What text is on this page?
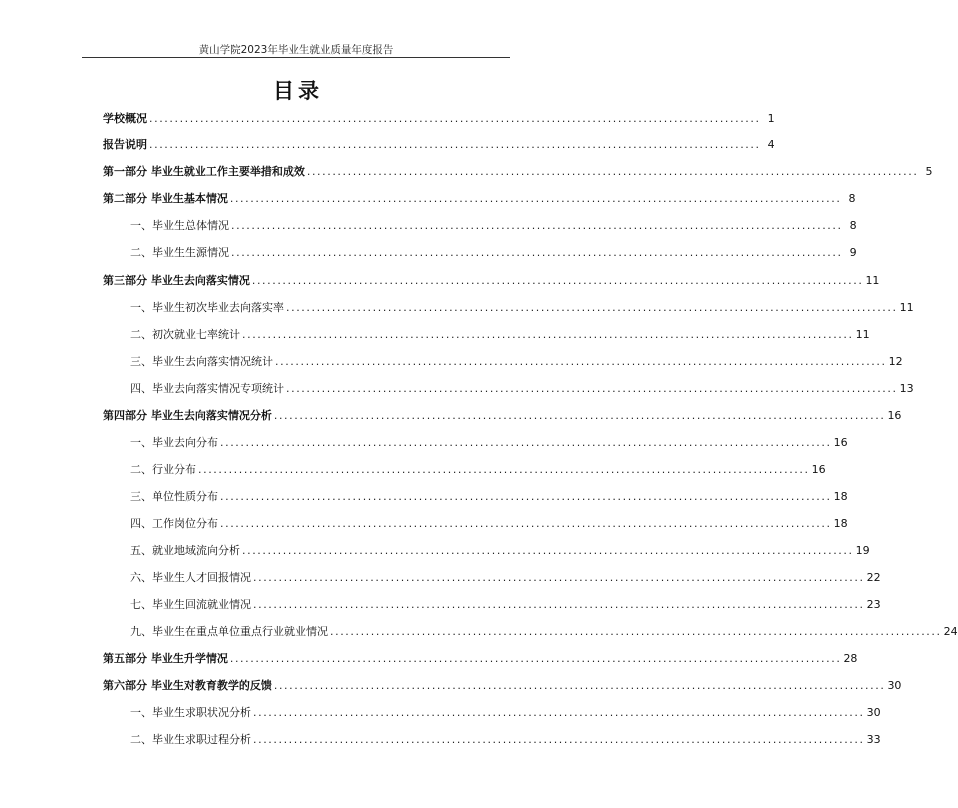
黄山学院2023年毕业生就业质量年度报告
目录
学校概况 ........................................................................................................................ 1
报告说明 ........................................................................................................................ 4
第一部分 毕业生就业工作主要举措和成效 ........................................................................................................................ 5
第二部分 毕业生基本情况 ........................................................................................................................ 8
一、毕业生总体情况 ........................................................................................................................ 8
二、毕业生生源情况 ........................................................................................................................ 9
第三部分 毕业生去向落实情况 ........................................................................................................................ 11
一、毕业生初次毕业去向落实率 ........................................................................................................................ 11
二、初次就业七率统计 ........................................................................................................................ 11
三、毕业生去向落实情况统计 ........................................................................................................................ 12
四、毕业去向落实情况专项统计 ........................................................................................................................ 13
第四部分 毕业生去向落实情况分析 ........................................................................................................................ 16
一、毕业去向分布 ........................................................................................................................ 16
二、行业分布 ........................................................................................................................ 16
三、单位性质分布 ........................................................................................................................ 18
四、工作岗位分布 ........................................................................................................................ 18
五、就业地域流向分析 ........................................................................................................................ 19
六、毕业生人才回报情况 ........................................................................................................................ 22
七、毕业生回流就业情况 ........................................................................................................................ 23
九、毕业生在重点单位重点行业就业情况 ........................................................................................................................ 24
第五部分 毕业生升学情况 ........................................................................................................................ 28
第六部分 毕业生对教育教学的反馈 ........................................................................................................................ 30
一、毕业生求职状况分析 ........................................................................................................................ 30
二、毕业生求职过程分析 ........................................................................................................................ 33
